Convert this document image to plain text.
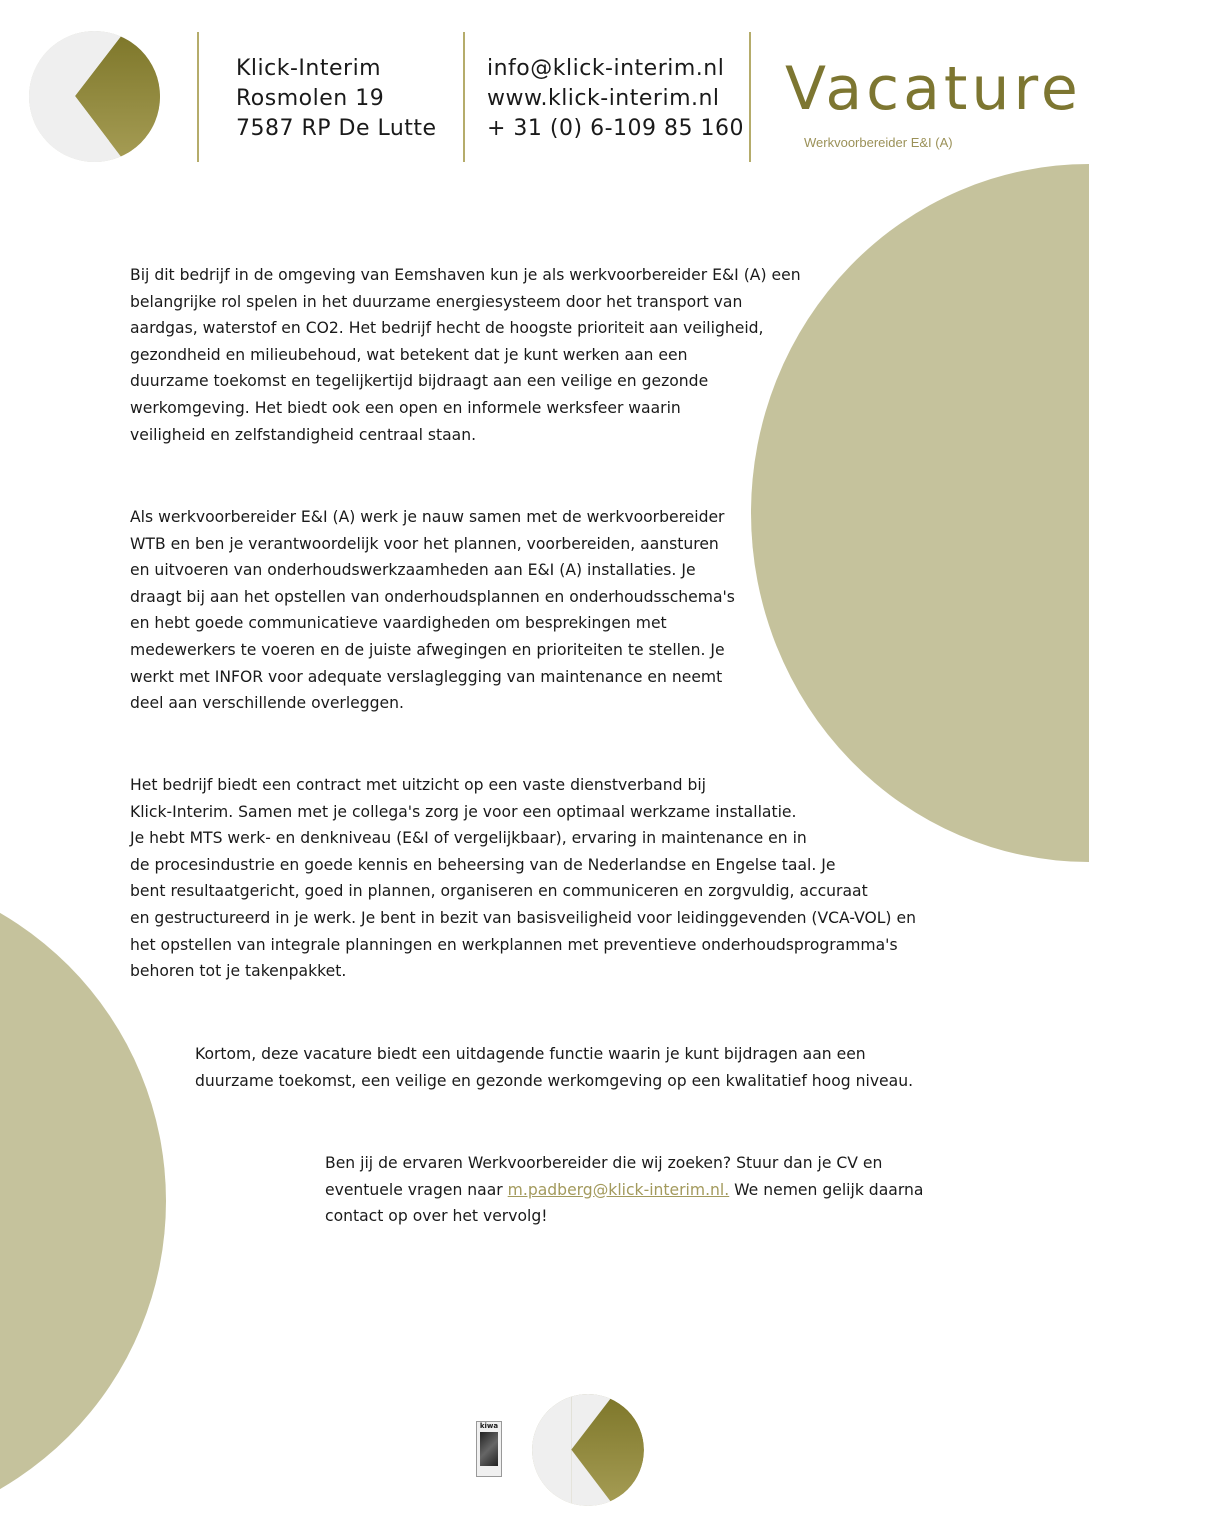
Klick-Interim
Rosmolen 19
7587 RP De Lutte
info@klick-interim.nl
www.klick-interim.nl
+ 31 (0) 6-109 85 160
Vacature
Werkvoorbereider E&I (A)
Bij dit bedrijf in de omgeving van Eemshaven kun je als werkvoorbereider E&I (A) een
belangrijke rol spelen in het duurzame energiesysteem door het transport van
aardgas, waterstof en CO2. Het bedrijf hecht de hoogste prioriteit aan veiligheid,
gezondheid en milieubehoud, wat betekent dat je kunt werken aan een
duurzame toekomst en tegelijkertijd bijdraagt aan een veilige en gezonde
werkomgeving. Het biedt ook een open en informele werksfeer waarin
veiligheid en zelfstandigheid centraal staan.
Als werkvoorbereider E&I (A) werk je nauw samen met de werkvoorbereider
WTB en ben je verantwoordelijk voor het plannen, voorbereiden, aansturen
en uitvoeren van onderhoudswerkzaamheden aan E&I (A) installaties. Je
draagt bij aan het opstellen van onderhoudsplannen en onderhoudsschema's
en hebt goede communicatieve vaardigheden om besprekingen met
medewerkers te voeren en de juiste afwegingen en prioriteiten te stellen. Je
werkt met INFOR voor adequate verslaglegging van maintenance en neemt
deel aan verschillende overleggen.
Het bedrijf biedt een contract met uitzicht op een vaste dienstverband bij
Klick-Interim. Samen met je collega's zorg je voor een optimaal werkzame installatie.
Je hebt MTS werk- en denkniveau (E&I of vergelijkbaar), ervaring in maintenance en in
de procesindustrie en goede kennis en beheersing van de Nederlandse en Engelse taal. Je
bent resultaatgericht, goed in plannen, organiseren en communiceren en zorgvuldig, accuraat
en gestructureerd in je werk. Je bent in bezit van basisveiligheid voor leidinggevenden (VCA-VOL) en
het opstellen van integrale planningen en werkplannen met preventieve onderhoudsprogramma's
behoren tot je takenpakket.
Kortom, deze vacature biedt een uitdagende functie waarin je kunt bijdragen aan een
duurzame toekomst, een veilige en gezonde werkomgeving op een kwalitatief hoog niveau.
Ben jij de ervaren Werkvoorbereider die wij zoeken? Stuur dan je CV en
eventuele vragen naar m.padberg@klick-interim.nl. We nemen gelijk daarna
contact op over het vervolg!
kiwa
